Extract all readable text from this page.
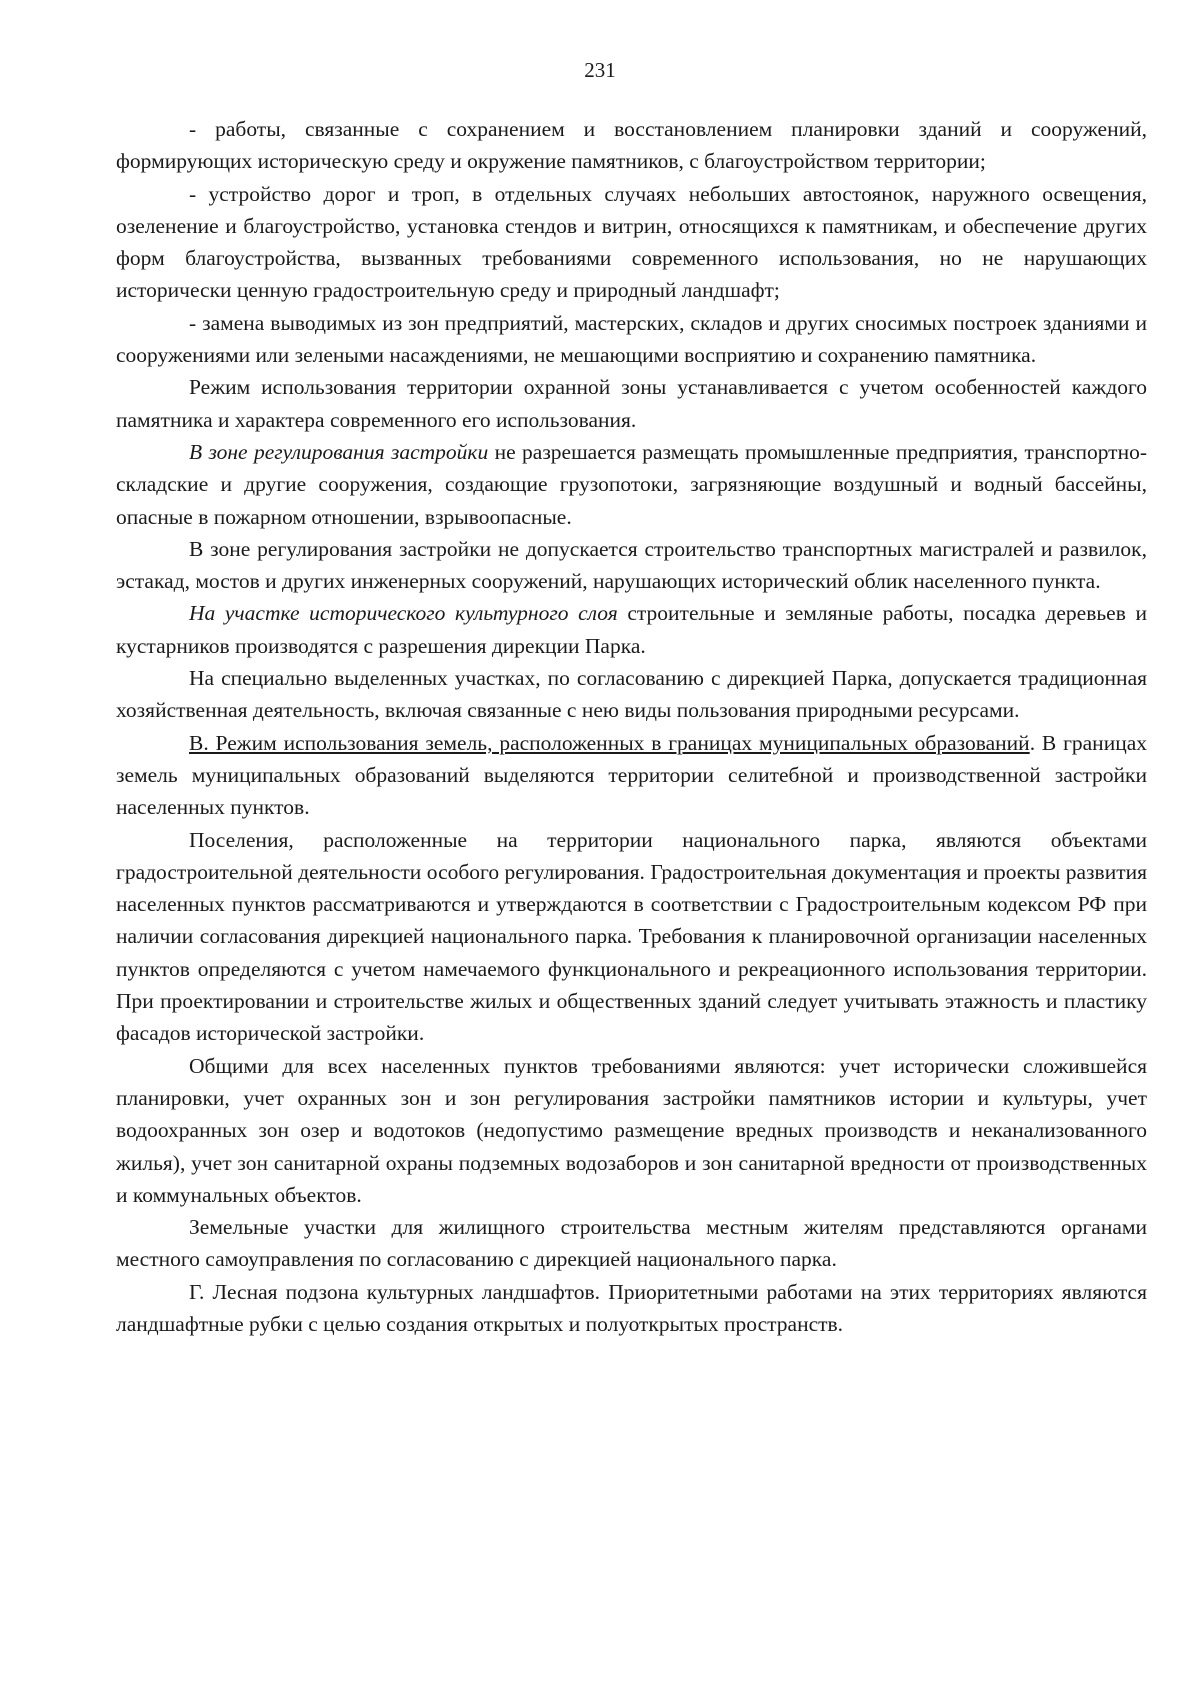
231

- работы, связанные с сохранением и восстановлением планировки зданий и сооружений, формирующих историческую среду и окружение памятников, с благоустройством территории;

- устройство дорог и троп, в отдельных случаях небольших автостоянок, наружного освещения, озеленение и благоустройство, установка стендов и витрин, относящихся к памятникам, и обеспечение других форм благоустройства, вызванных требованиями современного использования, но не нарушающих исторически ценную градостроительную среду и природный ландшафт;

- замена выводимых из зон предприятий, мастерских, складов и других сносимых построек зданиями и сооружениями или зелеными насаждениями, не мешающими восприятию и сохранению памятника.

Режим использования территории охранной зоны устанавливается с учетом особенностей каждого памятника и характера современного его использования.

В зоне регулирования застройки не разрешается размещать промышленные предприятия, транспортно-складские и другие сооружения, создающие грузопотоки, загрязняющие воздушный и водный бассейны, опасные в пожарном отношении, взрывоопасные.

В зоне регулирования застройки не допускается строительство транспортных магистралей и развилок, эстакад, мостов и других инженерных сооружений, нарушающих исторический облик населенного пункта.

На участке исторического культурного слоя строительные и земляные работы, посадка деревьев и кустарников производятся с разрешения дирекции Парка.

На специально выделенных участках, по согласованию с дирекцией Парка, допускается традиционная хозяйственная деятельность, включая связанные с нею виды пользования природными ресурсами.

В. Режим использования земель, расположенных в границах муниципальных образований. В границах земель муниципальных образований выделяются территории селитебной и производственной застройки населенных пунктов.

Поселения, расположенные на территории национального парка, являются объектами градостроительной деятельности особого регулирования. Градостроительная документация и проекты развития населенных пунктов рассматриваются и утверждаются в соответствии с Градостроительным кодексом РФ при наличии согласования дирекцией национального парка. Требования к планировочной организации населенных пунктов определяются с учетом намечаемого функционального и рекреационного использования территории. При проектировании и строительстве жилых и общественных зданий следует учитывать этажность и пластику фасадов исторической застройки.

Общими для всех населенных пунктов требованиями являются: учет исторически сложившейся планировки, учет охранных зон и зон регулирования застройки памятников истории и культуры, учет водоохранных зон озер и водотоков (недопустимо размещение вредных производств и неканализованного жилья), учет зон санитарной охраны подземных водозаборов и зон санитарной вредности от производственных и коммунальных объектов.

Земельные участки для жилищного строительства местным жителям представляются органами местного самоуправления по согласованию с дирекцией национального парка.

Г. Лесная подзона культурных ландшафтов. Приоритетными работами на этих территориях являются ландшафтные рубки с целью создания открытых и полуоткрытых пространств.
